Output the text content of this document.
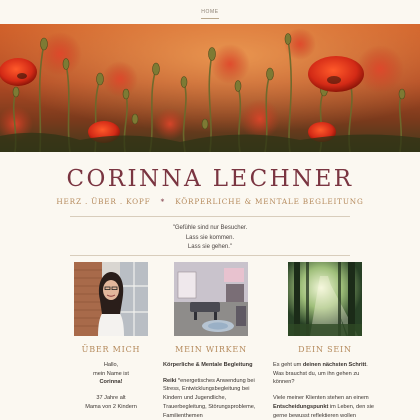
HOME
CORINNA LECHNER
HERZ . ÜBER . KOPF * KÖRPERLICHE & MENTALE BEGLEITUNG
"Gefühle sind nur Besucher.
Lass sie kommen.
Lass sie gehen."
ÜBER MICH
Hallo,
mein Name ist
Corinna!
37 Jahre alt
Mama von 2 Kindern
MEIN WIRKEN
Körperliche & Mentale Begleitung
Reiki *energetisches Anwendung bei Stress, Entwicklungsbegleitung bei Kindern und Jugendliche, Trauerbegleitung, Störungsprobleme, Familienthemen
DEIN SEIN
Es geht um deinen nächsten Schritt. Was brauchst du, um ihn gehen zu können?
Viele meiner Klienten stehen an einem Entscheidungspunkt im Leben, den sie gerne bewusst reflektieren wollen
